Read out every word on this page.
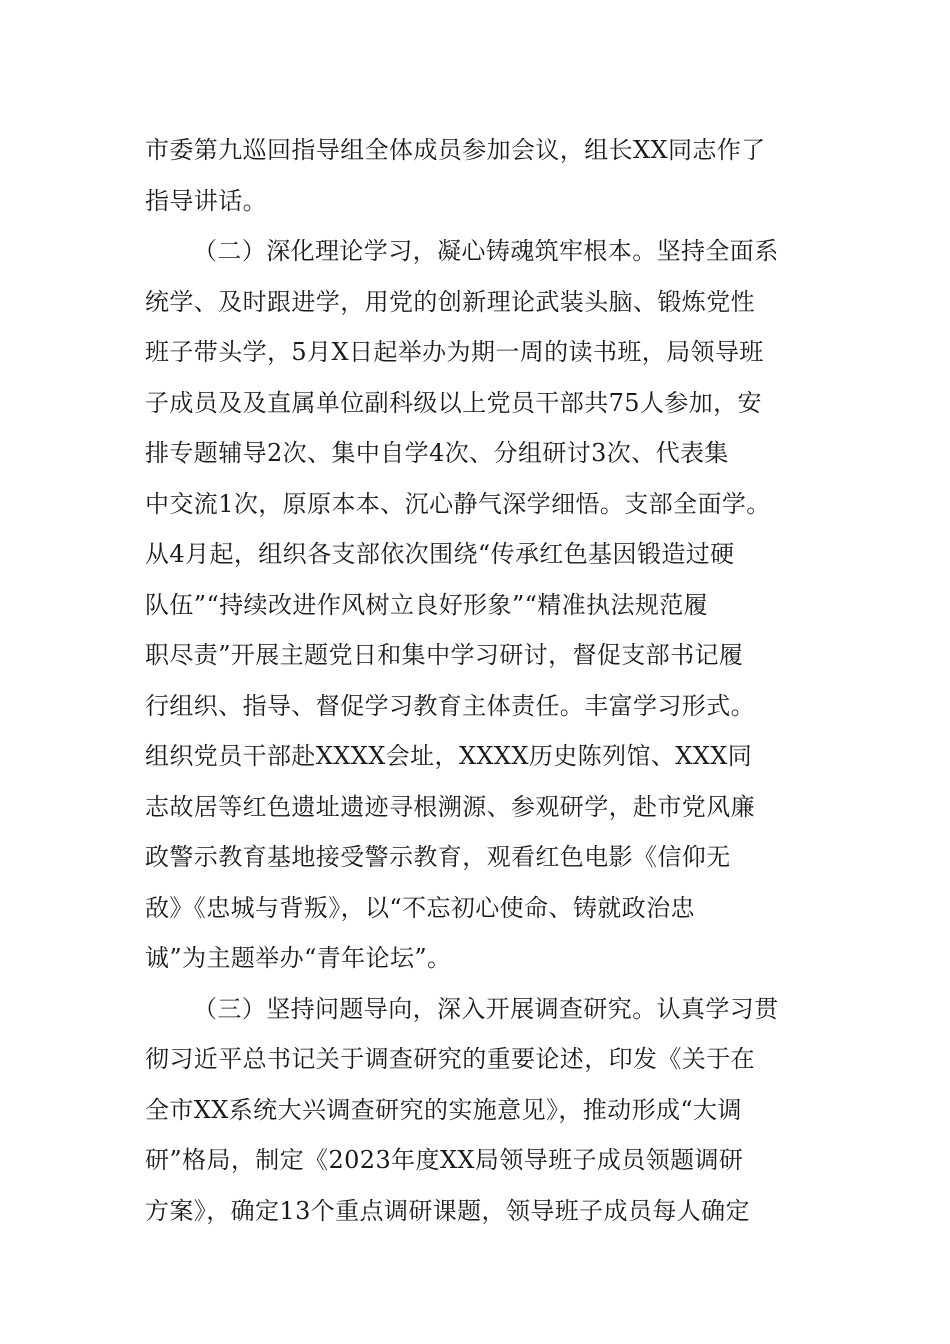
市委第九巡回指导组全体成员参加会议，组长XX同志作了
指导讲话。
（二）深化理论学习，凝心铸魂筑牢根本。坚持全面系
统学、及时跟进学，用党的创新理论武装头脑、锻炼党性
班子带头学，5月X日起举办为期一周的读书班，局领导班
子成员及及直属单位副科级以上党员干部共75人参加，安
排专题辅导2次、集中自学4次、分组研讨3次、代表集
中交流1次，原原本本、沉心静气深学细悟。支部全面学。
从4月起，组织各支部依次围绕“传承红色基因锻造过硬
队伍”“持续改进作风树立良好形象”“精准执法规范履
职尽责”开展主题党日和集中学习研讨，督促支部书记履
行组织、指导、督促学习教育主体责任。丰富学习形式。
组织党员干部赴XXXX会址，XXXX历史陈列馆、XXX同
志故居等红色遗址遗迹寻根溯源、参观研学，赴市党风廉
政警示教育基地接受警示教育，观看红色电影《信仰无
敌》《忠城与背叛》，以“不忘初心使命、铸就政治忠
诚”为主题举办“青年论坛”。
（三）坚持问题导向，深入开展调查研究。认真学习贯
彻习近平总书记关于调查研究的重要论述，印发《关于在
全市XX系统大兴调查研究的实施意见》，推动形成“大调
研”格局，制定《2023年度XX局领导班子成员领题调研
方案》，确定13个重点调研课题，领导班子成员每人确定
